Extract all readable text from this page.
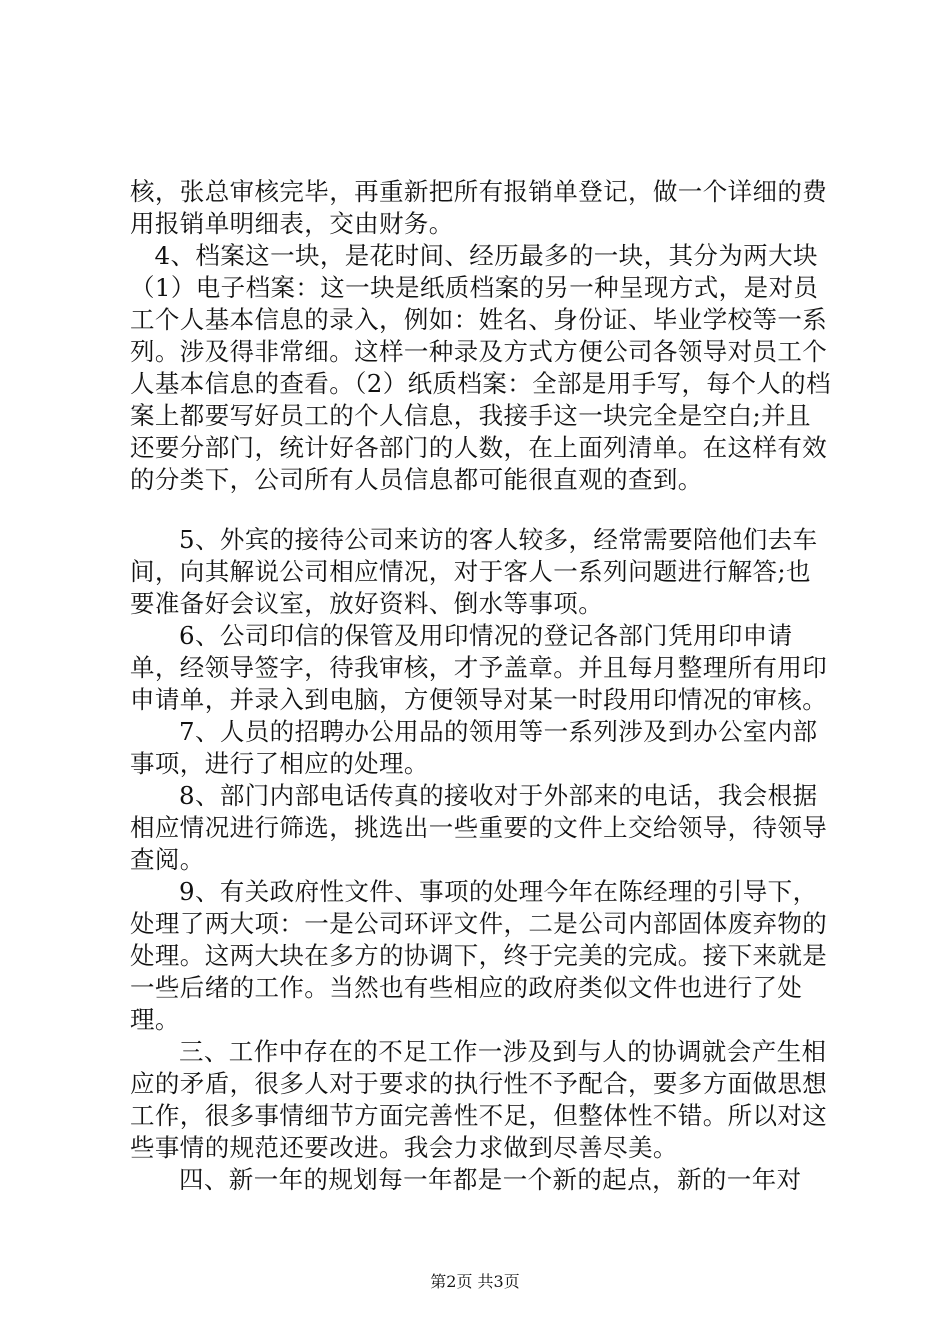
核，张总审核完毕，再重新把所有报销单登记，做一个详细的费用报销单明细表，交由财务。

4、档案这一块，是花时间、经历最多的一块，其分为两大块（1）电子档案：这一块是纸质档案的另一种呈现方式，是对员工个人基本信息的录入，例如：姓名、身份证、毕业学校等一系列。涉及得非常细。这样一种录及方式方便公司各领导对员工个人基本信息的查看。（2）纸质档案：全部是用手写，每个人的档案上都要写好员工的个人信息，我接手这一块完全是空白;并且还要分部门，统计好各部门的人数，在上面列清单。在这样有效的分类下，公司所有人员信息都可能很直观的查到。

5、外宾的接待公司来访的客人较多，经常需要陪他们去车间，向其解说公司相应情况，对于客人一系列问题进行解答;也要准备好会议室，放好资料、倒水等事项。

6、公司印信的保管及用印情况的登记各部门凭用印申请单，经领导签字，待我审核，才予盖章。并且每月整理所有用印申请单，并录入到电脑，方便领导对某一时段用印情况的审核。

7、人员的招聘办公用品的领用等一系列涉及到办公室内部事项，进行了相应的处理。

8、部门内部电话传真的接收对于外部来的电话，我会根据相应情况进行筛选，挑选出一些重要的文件上交给领导，待领导查阅。

9、有关政府性文件、事项的处理今年在陈经理的引导下，处理了两大项：一是公司环评文件，二是公司内部固体废弃物的处理。这两大块在多方的协调下，终于完美的完成。接下来就是一些后绪的工作。当然也有些相应的政府类似文件也进行了处理。

三、工作中存在的不足工作一涉及到与人的协调就会产生相应的矛盾，很多人对于要求的执行性不予配合，要多方面做思想工作，很多事情细节方面完善性不足，但整体性不错。所以对这些事情的规范还要改进。我会力求做到尽善尽美。

四、新一年的规划每一年都是一个新的起点，新的一年对

第2页 共3页
